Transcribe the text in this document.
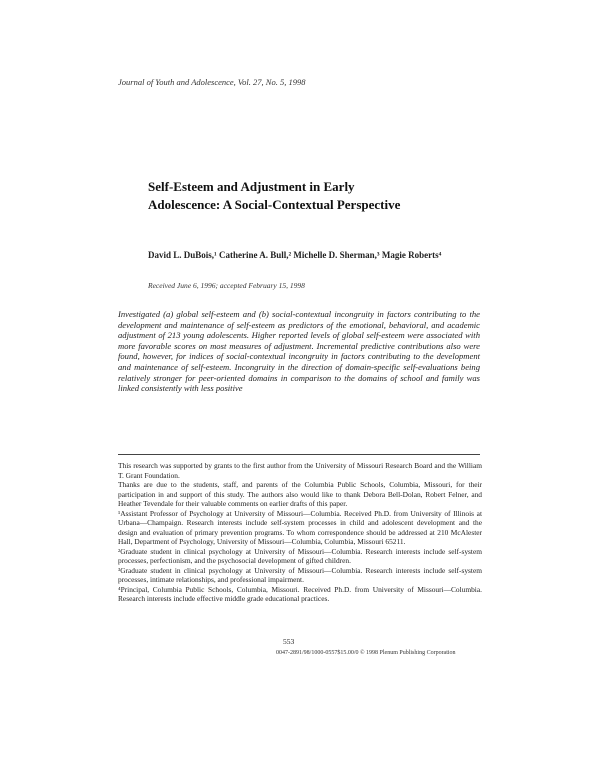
Journal of Youth and Adolescence, Vol. 27, No. 5, 1998
Self-Esteem and Adjustment in Early
Adolescence: A Social-Contextual Perspective
David L. DuBois,¹ Catherine A. Bull,² Michelle D. Sherman,³ Magie Roberts⁴
Received June 6, 1996; accepted February 15, 1998
Investigated (a) global self-esteem and (b) social-contextual incongruity in factors contributing to the development and maintenance of self-esteem as predictors of the emotional, behavioral, and academic adjustment of 213 young adolescents. Higher reported levels of global self-esteem were associated with more favorable scores on most measures of adjustment. Incremental predictive contributions also were found, however, for indices of social-contextual incongruity in factors contributing to the development and maintenance of self-esteem. Incongruity in the direction of domain-specific self-evaluations being relatively stronger for peer-oriented domains in comparison to the domains of school and family was linked consistently with less positive

This research was supported by grants to the first author from the University of Missouri Research Board and the William T. Grant Foundation.

Thanks are due to the students, staff, and parents of the Columbia Public Schools, Columbia, Missouri, for their participation in and support of this study. The authors also would like to thank Debora Bell-Dolan, Robert Felner, and Heather Tevendale for their valuable comments on earlier drafts of this paper.

¹Assistant Professor of Psychology at University of Missouri—Columbia. Received Ph.D. from University of Illinois at Urbana—Champaign. Research interests include self-system processes in child and adolescent development and the design and evaluation of primary prevention programs. To whom correspondence should be addressed at 210 McAlester Hall, Department of Psychology, University of Missouri—Columbia, Columbia, Missouri 65211.

²Graduate student in clinical psychology at University of Missouri—Columbia. Research interests include self-system processes, perfectionism, and the psychosocial development of gifted children.

³Graduate student in clinical psychology at University of Missouri—Columbia. Research interests include self-system processes, intimate relationships, and professional impairment.

⁴Principal, Columbia Public Schools, Columbia, Missouri. Received Ph.D. from University of Missouri—Columbia. Research interests include effective middle grade educational practices.

553
0047-2891/98/1000-0557$15.00/0 © 1998 Plenum Publishing Corporation
